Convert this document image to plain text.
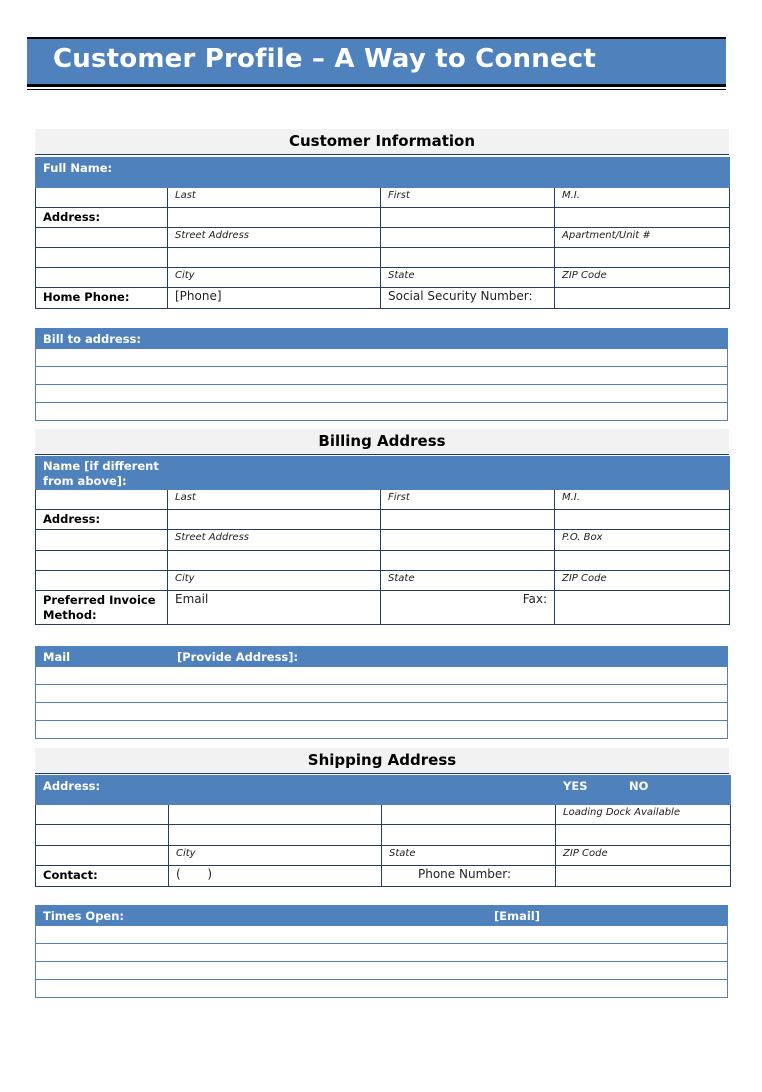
Customer Profile – A Way to Connect
Customer Information
Full Name:			
	Last	First	M.I.
Address:			
	Street Address		Apartment/Unit #

	City	State	ZIP Code
Home Phone:	[Phone]	Social Security Number:	
Bill to address:

Billing Address
Name [if different from above]:			
	Last	First	M.I.
Address:			
	Street Address		P.O. Box

	City	State	ZIP Code
Preferred Invoice Method:	Email	Fax:	
Mail	[Provide Address]:

Shipping Address
Address:			YES NO
			Loading Dock Available

	City	State	ZIP Code
Contact:	(       )	Phone Number:	
Times Open:	[Email]
